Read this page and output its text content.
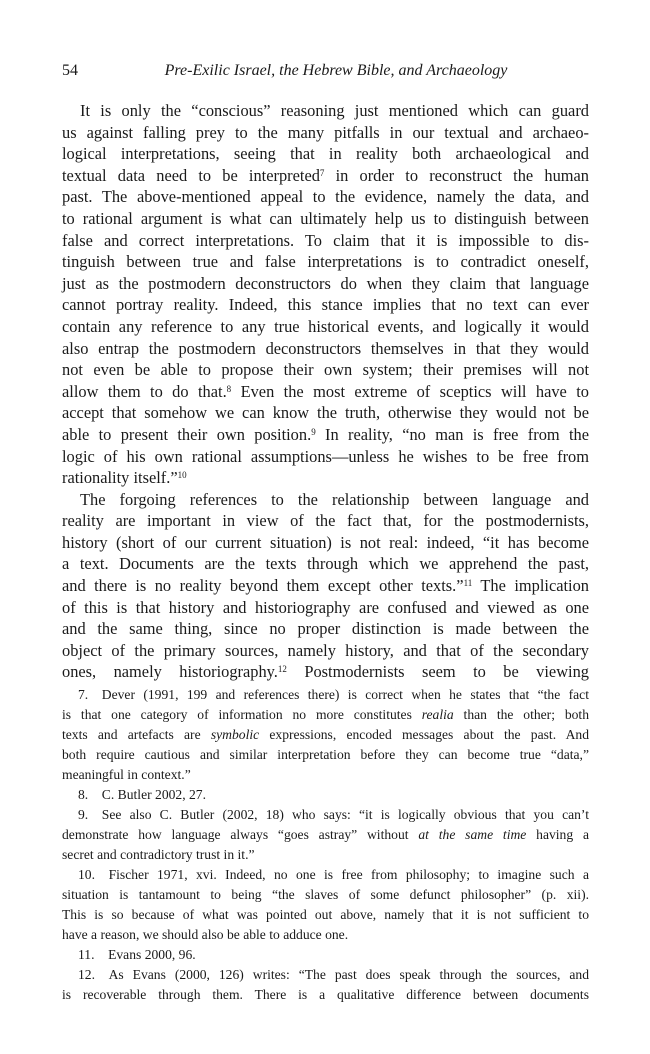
54	Pre-Exilic Israel, the Hebrew Bible, and Archaeology
It is only the “conscious” reasoning just mentioned which can guard
us against falling prey to the many pitfalls in our textual and archaeo-
logical interpretations, seeing that in reality both archaeological and
textual data need to be interpreted$^7$ in order to reconstruct the human
past. The above-mentioned appeal to the evidence, namely the data, and
to rational argument is what can ultimately help us to distinguish between
false and correct interpretations. To claim that it is impossible to dis-
tinguish between true and false interpretations is to contradict oneself,
just as the postmodern deconstructors do when they claim that language
cannot portray reality. Indeed, this stance implies that no text can ever
contain any reference to any true historical events, and logically it would
also entrap the postmodern deconstructors themselves in that they would
not even be able to propose their own system; their premises will not
allow them to do that.$^8$ Even the most extreme of sceptics will have to
accept that somehow we can know the truth, otherwise they would not be
able to present their own position.$^9$ In reality, “no man is free from the
logic of his own rational assumptions—unless he wishes to be free from
rationality itself.”$^{10}$
The forgoing references to the relationship between language and
reality are important in view of the fact that, for the postmodernists,
history (short of our current situation) is not real: indeed, “it has become
a text. Documents are the texts through which we apprehend the past,
and there is no reality beyond them except other texts.”$^{11}$ The implication
of this is that history and historiography are confused and viewed as one
and the same thing, since no proper distinction is made between the
object of the primary sources, namely history, and that of the secondary
ones, namely historiography.$^{12}$ Postmodernists seem to be viewing
7. Dever (1991, 199 and references there) is correct when he states that “the fact
is that one category of information no more constitutes realia than the other; both
texts and artefacts are symbolic expressions, encoded messages about the past. And
both require cautious and similar interpretation before they can become true “data,”
meaningful in context.”
8. C. Butler 2002, 27.
9. See also C. Butler (2002, 18) who says: “it is logically obvious that you can’t
demonstrate how language always “goes astray” without at the same time having a
secret and contradictory trust in it.”
10. Fischer 1971, xvi. Indeed, no one is free from philosophy; to imagine such a
situation is tantamount to being “the slaves of some defunct philosopher” (p. xii).
This is so because of what was pointed out above, namely that it is not sufficient to
have a reason, we should also be able to adduce one.
11. Evans 2000, 96.
12. As Evans (2000, 126) writes: “The past does speak through the sources, and
is recoverable through them. There is a qualitative difference between documents
